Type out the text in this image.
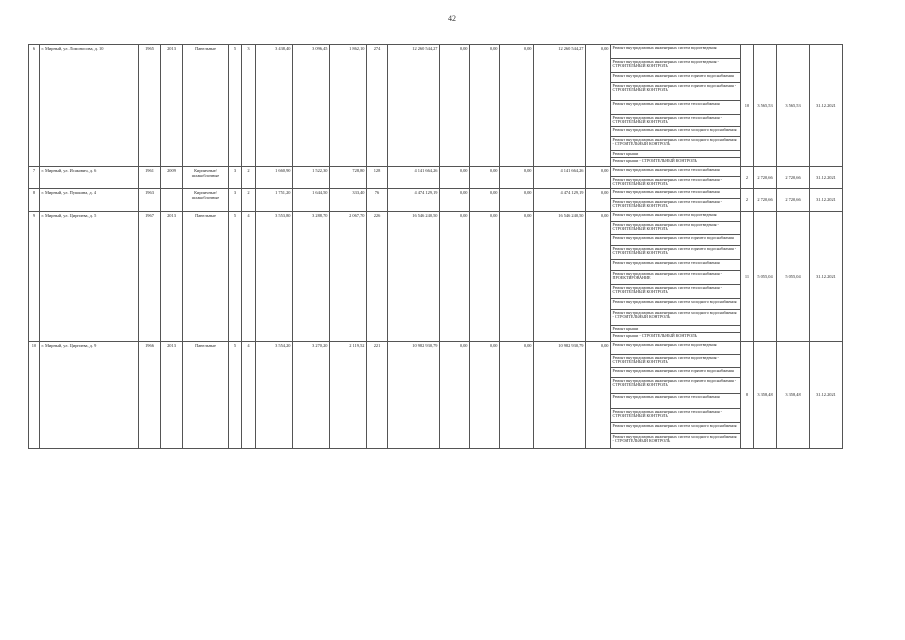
42
6	г. Мирный, ул. Ломоносова, д. 10	1965	2013	Панельные	5	3	3 438,40	3 096,45	1 862,10	274	12 260 544,27	0,00	0,00	0,00	12 260 544,27	0,00	Ремонт внутридомовых инженерных систем водоотведения	10	3 565,53	3 565,53	31.12.2021
																	Ремонт внутридомовых инженерных систем водоотведения - СТРОИТЕЛЬНЫЙ КОНТРОЛЬ				
																	Ремонт внутридомовых инженерных систем горячего водоснабжения				
																	Ремонт внутридомовых инженерных систем горячего водоснабжения - СТРОИТЕЛЬНЫЙ КОНТРОЛЬ				
																	Ремонт внутридомовых инженерных систем теплоснабжения				
																	Ремонт внутридомовых инженерных систем теплоснабжения - СТРОИТЕЛЬНЫЙ КОНТРОЛЬ				
																	Ремонт внутридомовых инженерных систем холодного водоснабжения				
																	Ремонт внутридомовых инженерных систем холодного водоснабжения - СТРОИТЕЛЬНЫЙ КОНТРОЛЬ				
																	Ремонт крыши				
																	Ремонт крыши - СТРОИТЕЛЬНЫЙ КОНТРОЛЬ				
7	г. Мирный, ул. Исакович, д. 6	1961	2009	Кирпичные/шлакоблочные	3	2	1 660,90	1 522,30	728,80	128	4 141 664,26	0,00	0,00	0,00	4 141 664,26	0,00	Ремонт внутридомовых инженерных систем теплоснабжения	2	2 720,66	2 720,66	31.12.2021
																	Ремонт внутридомовых инженерных систем теплоснабжения - СТРОИТЕЛЬНЫЙ КОНТРОЛЬ				
8	г. Мирный, ул. Пушкина, д. 4	1963		Кирпичные/шлакоблочные	3	2	1 751,20	1 644,50	333,40	76	4 474 129,19	0,00	0,00	0,00	4 474 129,19	0,00	Ремонт внутридомовых инженерных систем теплоснабжения	2	2 720,66	2 720,66	31.12.2021
																	Ремонт внутридомовых инженерных систем теплоснабжения - СТРОИТЕЛЬНЫЙ КОНТРОЛЬ				
9	г. Мирный, ул. Циргиева, д. 5	1967	2013	Панельные	5	4	3 553,80	3 288,70	2 067,70	226	16 546 240,50	0,00	0,00	0,00	16 546 240,50	0,00	Ремонт внутридомовых инженерных систем водоотведения	11	5 055,04	5 055,04	31.12.2021
																	Ремонт внутридомовых инженерных систем водоотведения - СТРОИТЕЛЬНЫЙ КОНТРОЛЬ				
																	Ремонт внутридомовых инженерных систем горячего водоснабжения				
																	Ремонт внутридомовых инженерных систем горячего водоснабжения - СТРОИТЕЛЬНЫЙ КОНТРОЛЬ				
																	Ремонт внутридомовых инженерных систем теплоснабжения				
																	Ремонт внутридомовых инженерных систем теплоснабжения - ПРОЕКТИРОВАНИЕ				
																	Ремонт внутридомовых инженерных систем теплоснабжения - СТРОИТЕЛЬНЫЙ КОНТРОЛЬ				
																	Ремонт внутридомовых инженерных систем холодного водоснабжения				
																	Ремонт внутридомовых инженерных систем холодного водоснабжения - СТРОИТЕЛЬНЫЙ КОНТРОЛЬ				
																	Ремонт крыши				
																	Ремонт крыши - СТРОИТЕЛЬНЫЙ КОНТРОЛЬ				
10	г. Мирный, ул. Циргиева, д. 9	1966	2013	Панельные	5	4	3 554,20	3 270,20	2 119,52	221	10 982 930,79	0,00	0,00	0,00	10 982 930,79	0,00	Ремонт внутридомовых инженерных систем водоотведения	8	3 358,48	3 358,48	31.12.2021
																	Ремонт внутридомовых инженерных систем водоотведения - СТРОИТЕЛЬНЫЙ КОНТРОЛЬ				
																	Ремонт внутридомовых инженерных систем горячего водоснабжения				
																	Ремонт внутридомовых инженерных систем горячего водоснабжения - СТРОИТЕЛЬНЫЙ КОНТРОЛЬ				
																	Ремонт внутридомовых инженерных систем теплоснабжения				
																	Ремонт внутридомовых инженерных систем теплоснабжения - СТРОИТЕЛЬНЫЙ КОНТРОЛЬ				
																	Ремонт внутридомовых инженерных систем холодного водоснабжения				
																	Ремонт внутридомовых инженерных систем холодного водоснабжения - СТРОИТЕЛЬНЫЙ КОНТРОЛЬ				
